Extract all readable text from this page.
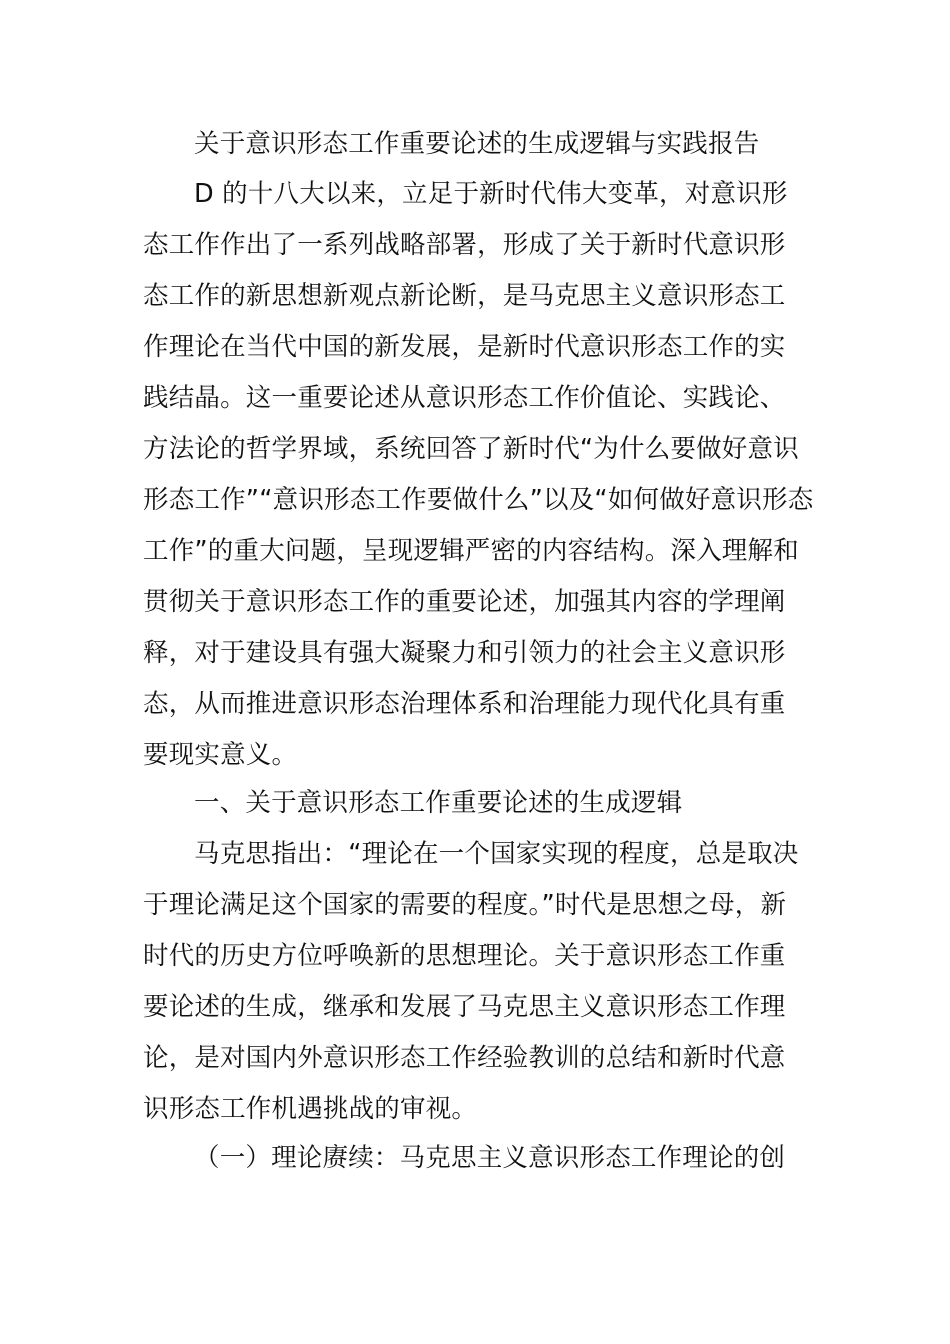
关于意识形态工作重要论述的生成逻辑与实践报告
D 的十八大以来，立足于新时代伟大变革，对意识形
态工作作出了一系列战略部署，形成了关于新时代意识形
态工作的新思想新观点新论断，是马克思主义意识形态工
作理论在当代中国的新发展，是新时代意识形态工作的实
践结晶。这一重要论述从意识形态工作价值论、实践论、
方法论的哲学界域，系统回答了新时代“为什么要做好意识
形态工作”“意识形态工作要做什么”以及“如何做好意识形态
工作”的重大问题，呈现逻辑严密的内容结构。深入理解和
贯彻关于意识形态工作的重要论述，加强其内容的学理阐
释，对于建设具有强大凝聚力和引领力的社会主义意识形
态，从而推进意识形态治理体系和治理能力现代化具有重
要现实意义。
一、关于意识形态工作重要论述的生成逻辑
马克思指出：“理论在一个国家实现的程度，总是取决
于理论满足这个国家的需要的程度。”时代是思想之母，新
时代的历史方位呼唤新的思想理论。关于意识形态工作重
要论述的生成，继承和发展了马克思主义意识形态工作理
论，是对国内外意识形态工作经验教训的总结和新时代意
识形态工作机遇挑战的审视。
（一）理论赓续：马克思主义意识形态工作理论的创
